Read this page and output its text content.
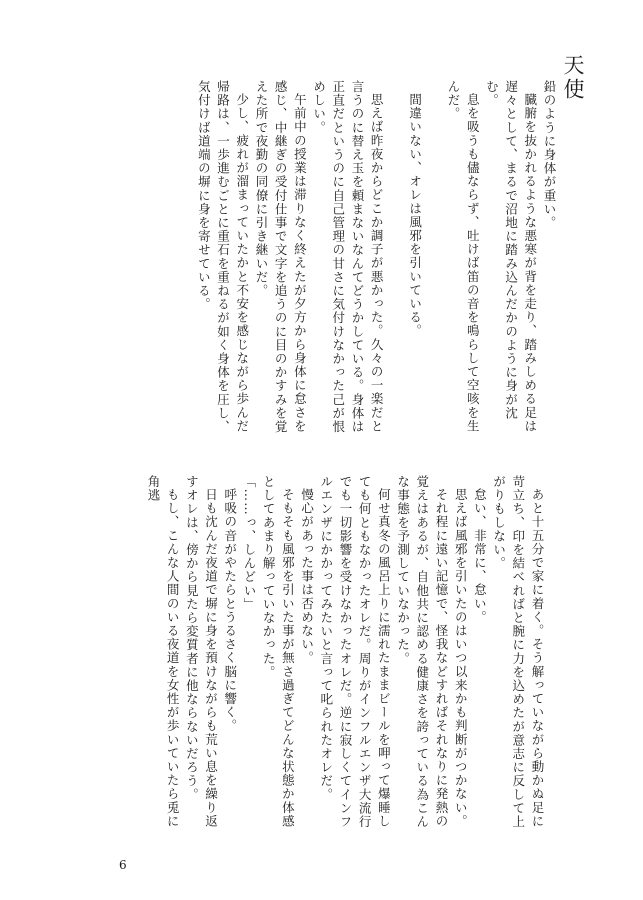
天使

鉛のように身体が重い。

臓腑を抜かれるような悪寒が背を走り、踏みしめる足は遅々として、まるで沼地に踏み込んだかのように身が沈む。

息を吸うも儘ならず、吐けば笛の音を鳴らして空咳を生んだ。

間違いない、オレは風邪を引いている。

思えば昨夜からどこか調子が悪かった。久々の一楽だと言うのに替え玉を頼まないなんてどうかしている。身体は正直だというのに自己管理の甘さに気付けなかった己が恨めしい。

午前中の授業は滞りなく終えたが夕方から身体に怠さを感じ、中継ぎの受付仕事で文字を追うのに目のかすみを覚えた所で夜勤の同僚に引き継いだ。

少し、疲れが溜まっていたかと不安を感じながら歩んだ帰路は、一歩進むごとに重石を重ねるが如く身体を圧し、気付けば道端の塀に身を寄せている。

あと十五分で家に着く。そう解っていながら動かぬ足に苛立ち、印を結べればと腕に力を込めたが意志に反して上がりもしない。

怠い、非常に、怠い。

思えば風邪を引いたのはいつ以来かも判断がつかない。

それ程に遠い記憶で、怪我などすればそれなりに発熱の覚えはあるが、自他共に認める健康さを誇っている為こんな事態を予測していなかった。

何せ真冬の風呂上りに濡れたままビールを呷って爆睡しても何ともなかったオレだ。周りがインフルエンザ大流行でも一切影響を受けなかったオレだ。逆に寂しくてインフルエンザにかかってみたいと言って叱られたオレだ。

慢心があった事は否めない。

そもそも風邪を引いた事が無さ過ぎてどんな状態か体感としてあまり解っていなかった。

「……っ、しんどい」

呼吸の音がやたらとうるさく脳に響く。

日も沈んだ夜道で塀に身を預けながらも荒い息を繰り返すオレは、傍から見たら変質者に他ならないだろう。

もし、こんな人間のいる夜道を女性が歩いていたら兎に角逃

6
